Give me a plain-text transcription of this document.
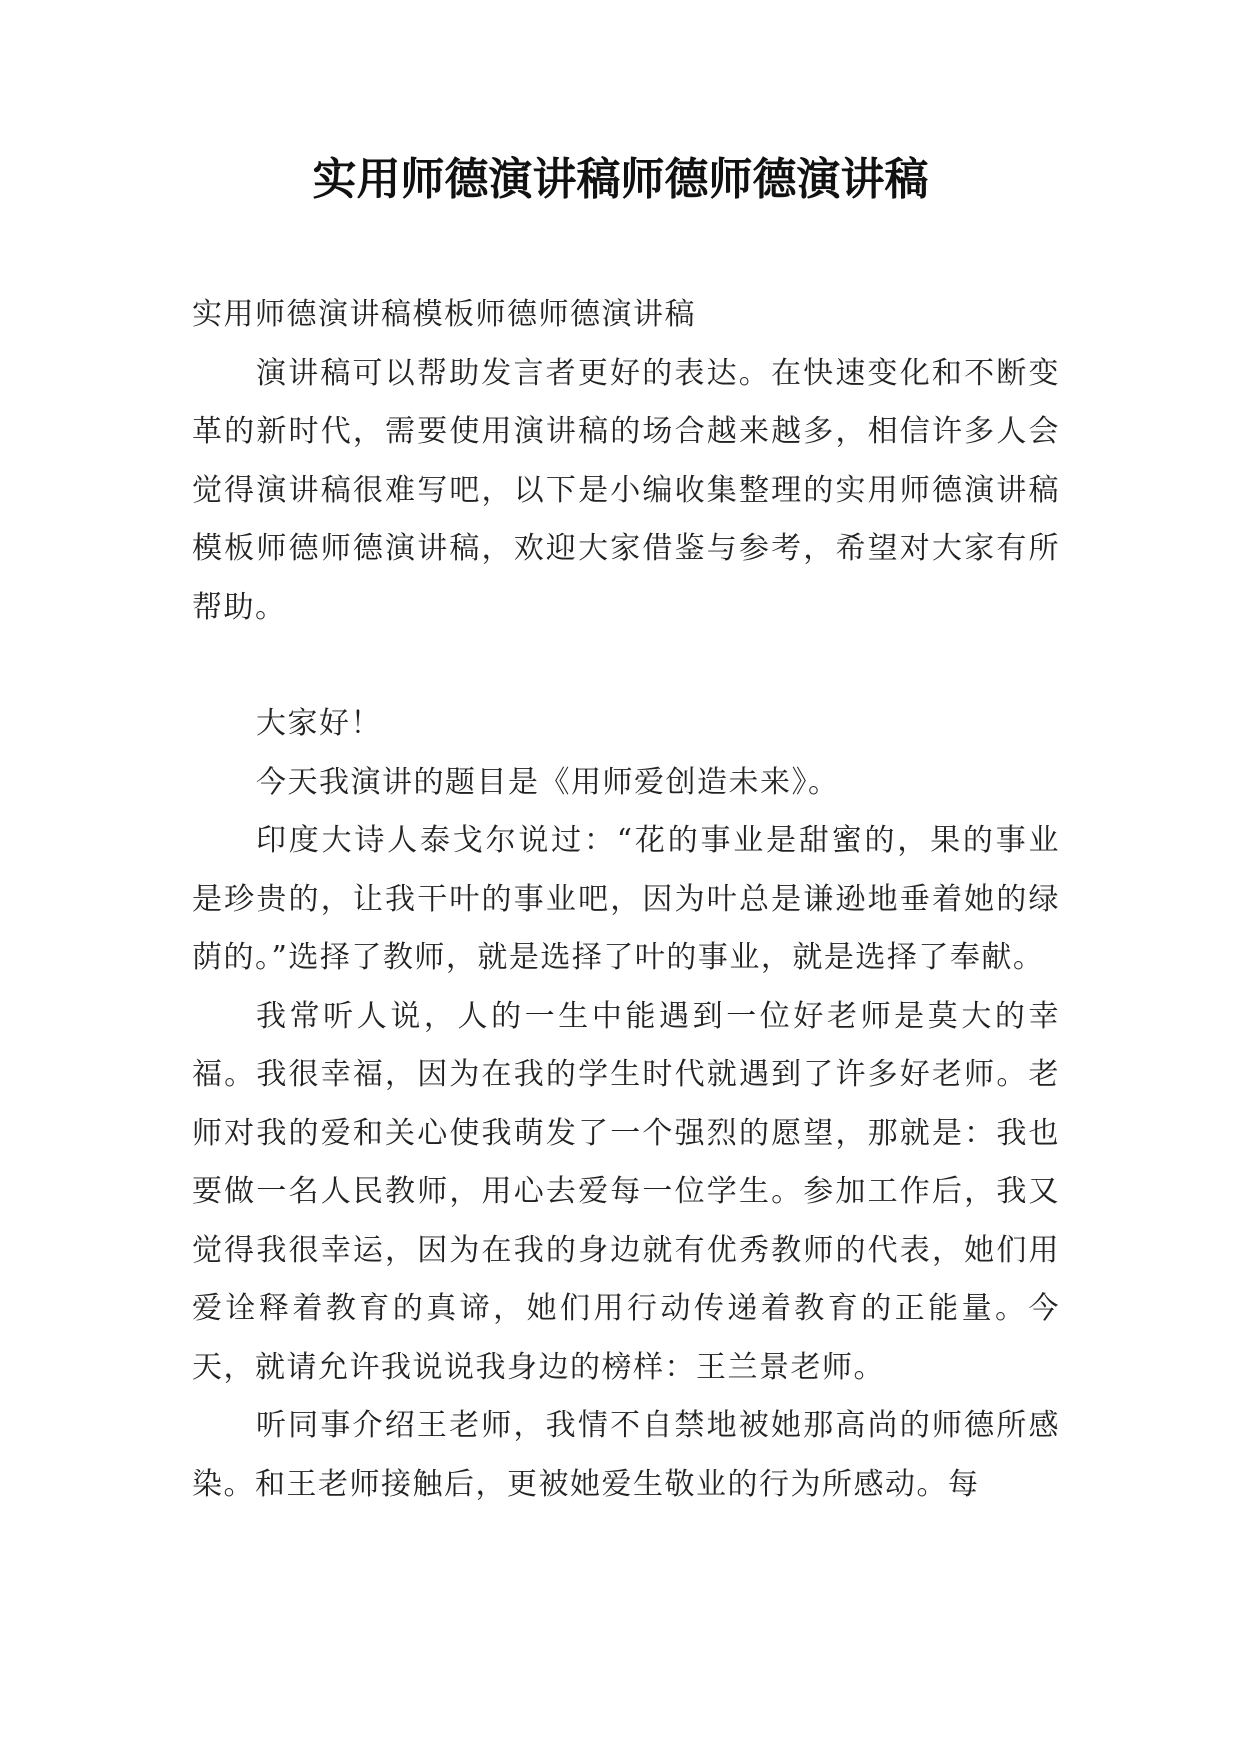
实用师德演讲稿师德师德演讲稿

实用师德演讲稿模板师德师德演讲稿

演讲稿可以帮助发言者更好的表达。在快速变化和不断变革的新时代，需要使用演讲稿的场合越来越多，相信许多人会觉得演讲稿很难写吧，以下是小编收集整理的实用师德演讲稿模板师德师德演讲稿，欢迎大家借鉴与参考，希望对大家有所帮助。

大家好！

今天我演讲的题目是《用师爱创造未来》。

印度大诗人泰戈尔说过：“花的事业是甜蜜的，果的事业是珍贵的，让我干叶的事业吧，因为叶总是谦逊地垂着她的绿荫的。”选择了教师，就是选择了叶的事业，就是选择了奉献。

我常听人说，人的一生中能遇到一位好老师是莫大的幸福。我很幸福，因为在我的学生时代就遇到了许多好老师。老师对我的爱和关心使我萌发了一个强烈的愿望，那就是：我也要做一名人民教师，用心去爱每一位学生。参加工作后，我又觉得我很幸运，因为在我的身边就有优秀教师的代表，她们用爱诠释着教育的真谛，她们用行动传递着教育的正能量。今天，就请允许我说说我身边的榜样：王兰景老师。

听同事介绍王老师，我情不自禁地被她那高尚的师德所感染。和王老师接触后，更被她爱生敬业的行为所感动。每
